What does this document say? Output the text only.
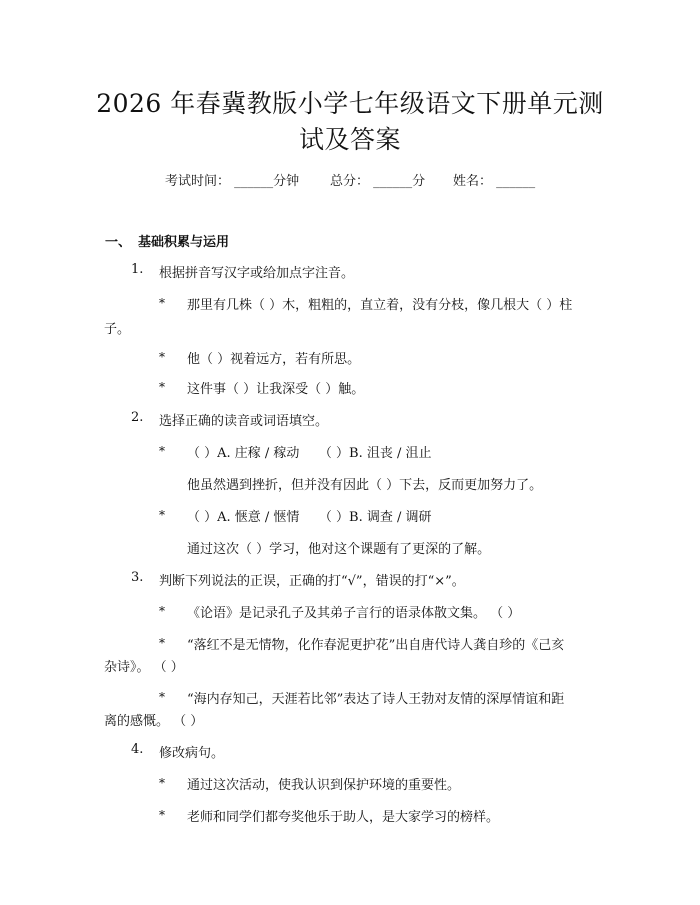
2026 年春冀教版小学七年级语文下册单元测
试及答案
考试时间： ______分钟 总分： ______分 姓名： ______
一、 基础积累与运用
1. 根据拼音写汉字或给加点字注音。
* 那里有几株（ ）木，粗粗的，直立着，没有分枝，像几根大（ ）柱
子。
* 他（ ）视着远方，若有所思。
* 这件事（ ）让我深受（ ）触。
2. 选择正确的读音或词语填空。
* （ ）A. 庄稼 / 稼动　　（ ）B. 沮丧 / 沮止
他虽然遇到挫折，但并没有因此（ ）下去，反而更加努力了。
* （ ）A. 惬意 / 惬情　　（ ）B. 调查 / 调研
通过这次（ ）学习，他对这个课题有了更深的了解。
3. 判断下列说法的正误，正确的打“√”，错误的打“×”。
* 《论语》是记录孔子及其弟子言行的语录体散文集。 （ ）
* “落红不是无情物，化作春泥更护花”出自唐代诗人龚自珍的《己亥
杂诗》。 （ ）
* “海内存知己，天涯若比邻”表达了诗人王勃对友情的深厚情谊和距
离的感慨。 （ ）
4. 修改病句。
* 通过这次活动，使我认识到保护环境的重要性。
* 老师和同学们都夸奖他乐于助人，是大家学习的榜样。
